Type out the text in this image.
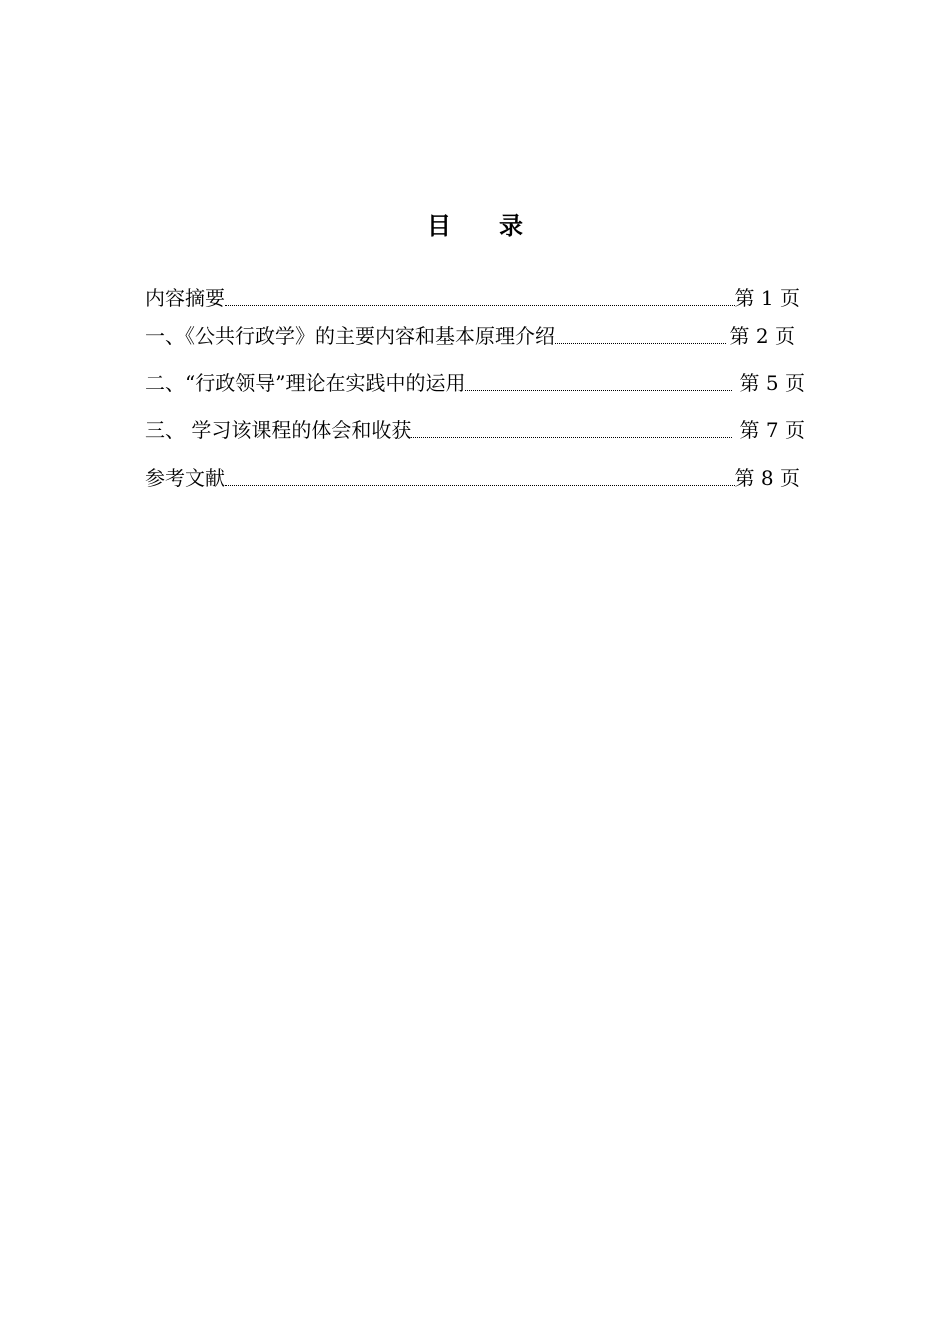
目录
内容摘要	第 1 页
一、《公共行政学》的主要内容和基本原理介绍	第 2 页
二、“行政领导”理论在实践中的运用	第 5 页
三、 学习该课程的体会和收获	第 7 页
参考文献	第 8 页
